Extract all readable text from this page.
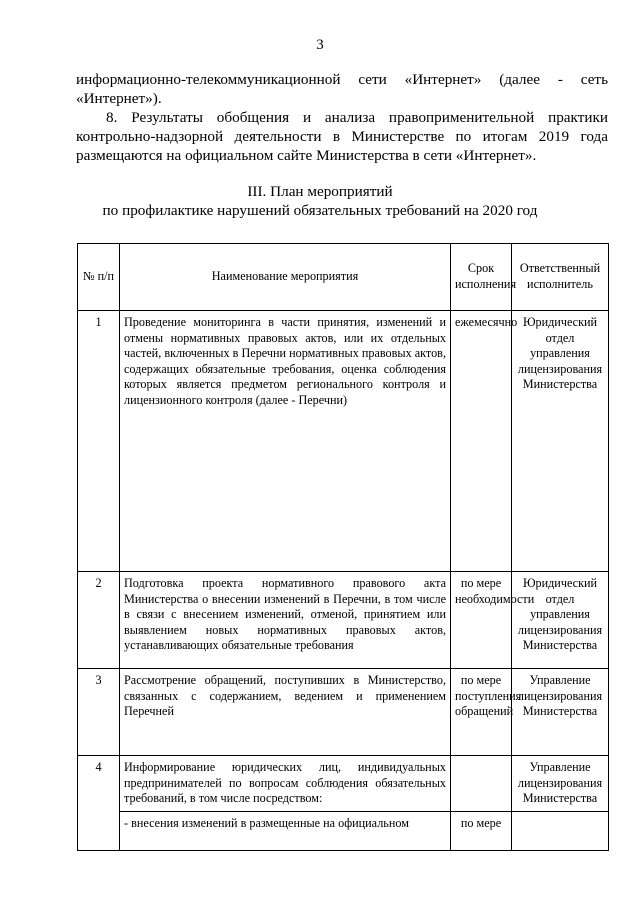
3

информационно-телекоммуникационной сети «Интернет» (далее - сеть
«Интернет»).

8. Результаты обобщения и анализа правоприменительной практики контрольно-надзорной деятельности в Министерстве по итогам 2019 года размещаются на официальном сайте Министерства в сети «Интернет».

III. План мероприятий
по профилактике нарушений обязательных требований на 2020 год
№ п/п	Наименование мероприятия	Срок исполнения	Ответственный исполнитель
1	Проведение мониторинга в части принятия, изменений и отмены нормативных правовых актов, или их отдельных частей, включенных в Перечни нормативных правовых актов, содержащих обязательные требования, оценка соблюдения которых является предметом регионального контроля и лицензионного контроля (далее - Перечни)	ежемесячно	Юридический отдел управления лицензирования Министерства
2	Подготовка проекта нормативного правового акта Министерства о внесении изменений в Перечни, в том числе в связи с внесением изменений, отменой, принятием или выявлением новых нормативных правовых актов, устанавливающих обязательные требования	по мере необходимости	Юридический отдел управления лицензирования Министерства
3	Рассмотрение обращений, поступивших в Министерство, связанных с содержанием, ведением и применением Перечней	по мере поступления обращений	Управление лицензирования Министерства
4	Информирование юридических лиц, индивидуальных предпринимателей по вопросам соблюдения обязательных требований, в том числе посредством:		Управление лицензирования Министерства
	- внесения изменений в размещенные на официальном	по мере	
